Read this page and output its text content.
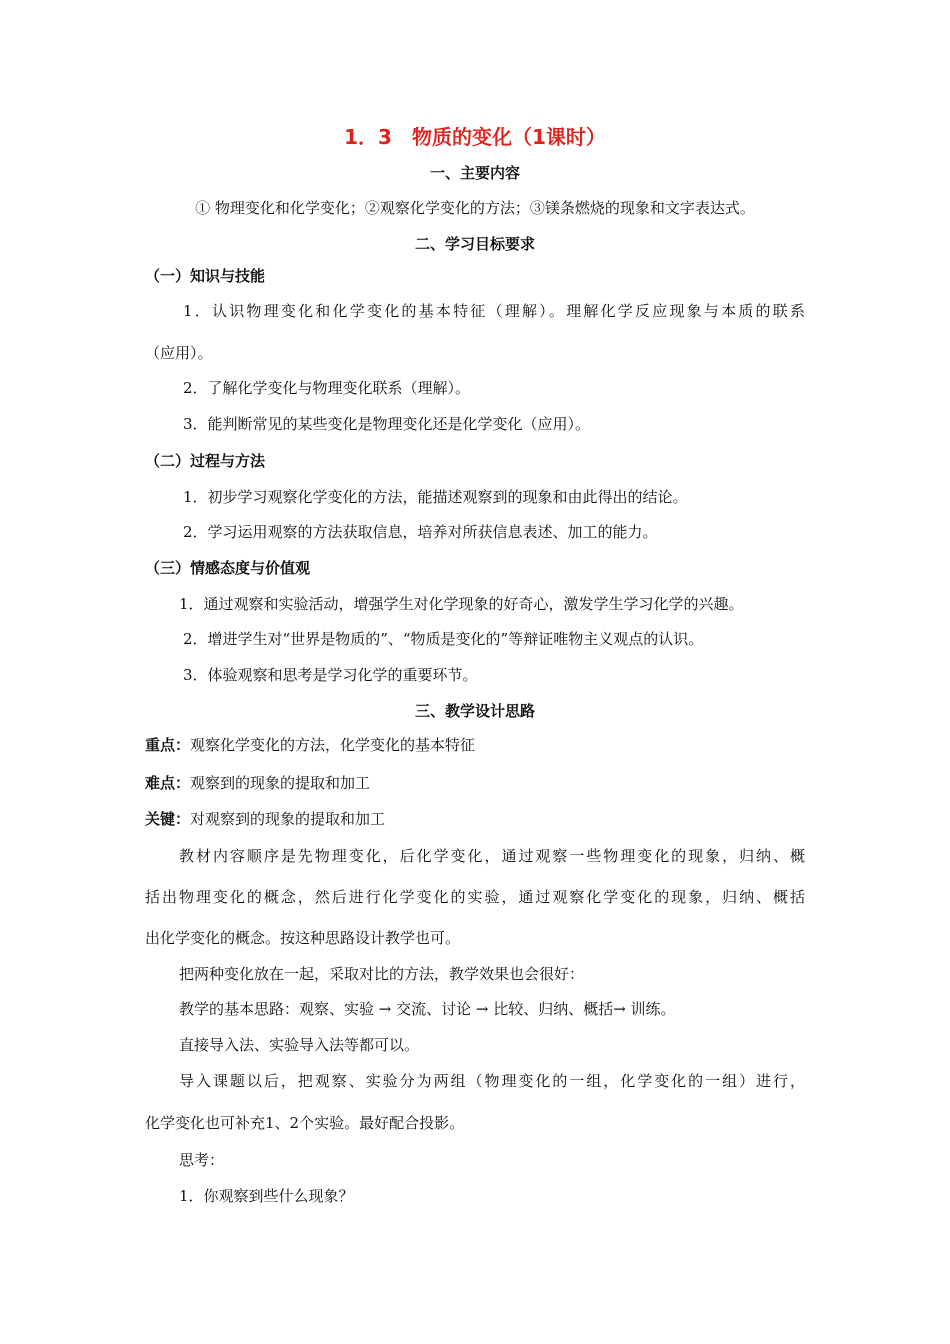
1．3　物质的变化（1课时）
一、主要内容
① 物理变化和化学变化；②观察化学变化的方法；③镁条燃烧的现象和文字表达式。
二、学习目标要求
（一）知识与技能
1．认识物理变化和化学变化的基本特征（理解）。理解化学反应现象与本质的联系
（应用）。
2．了解化学变化与物理变化联系（理解）。
3．能判断常见的某些变化是物理变化还是化学变化（应用）。
（二）过程与方法
1．初步学习观察化学变化的方法，能描述观察到的现象和由此得出的结论。
2．学习运用观察的方法获取信息，培养对所获信息表述、加工的能力。
（三）情感态度与价值观
1．通过观察和实验活动，增强学生对化学现象的好奇心，激发学生学习化学的兴趣。
2．增进学生对“世界是物质的”、“物质是变化的”等辩证唯物主义观点的认识。
3．体验观察和思考是学习化学的重要环节。
三、教学设计思路
重点：观察化学变化的方法，化学变化的基本特征
难点：观察到的现象的提取和加工
关键：对观察到的现象的提取和加工
教材内容顺序是先物理变化，后化学变化，通过观察一些物理变化的现象，归纳、概
括出物理变化的概念，然后进行化学变化的实验，通过观察化学变化的现象，归纳、概括
出化学变化的概念。按这种思路设计教学也可。
把两种变化放在一起，采取对比的方法，教学效果也会很好：
教学的基本思路：观察、实验 → 交流、讨论 → 比较、归纳、概括→ 训练。
直接导入法、实验导入法等都可以。
导入课题以后，把观察、实验分为两组（物理变化的一组，化学变化的一组）进行，
化学变化也可补充1、2个实验。最好配合投影。
思考：
1．你观察到些什么现象？
